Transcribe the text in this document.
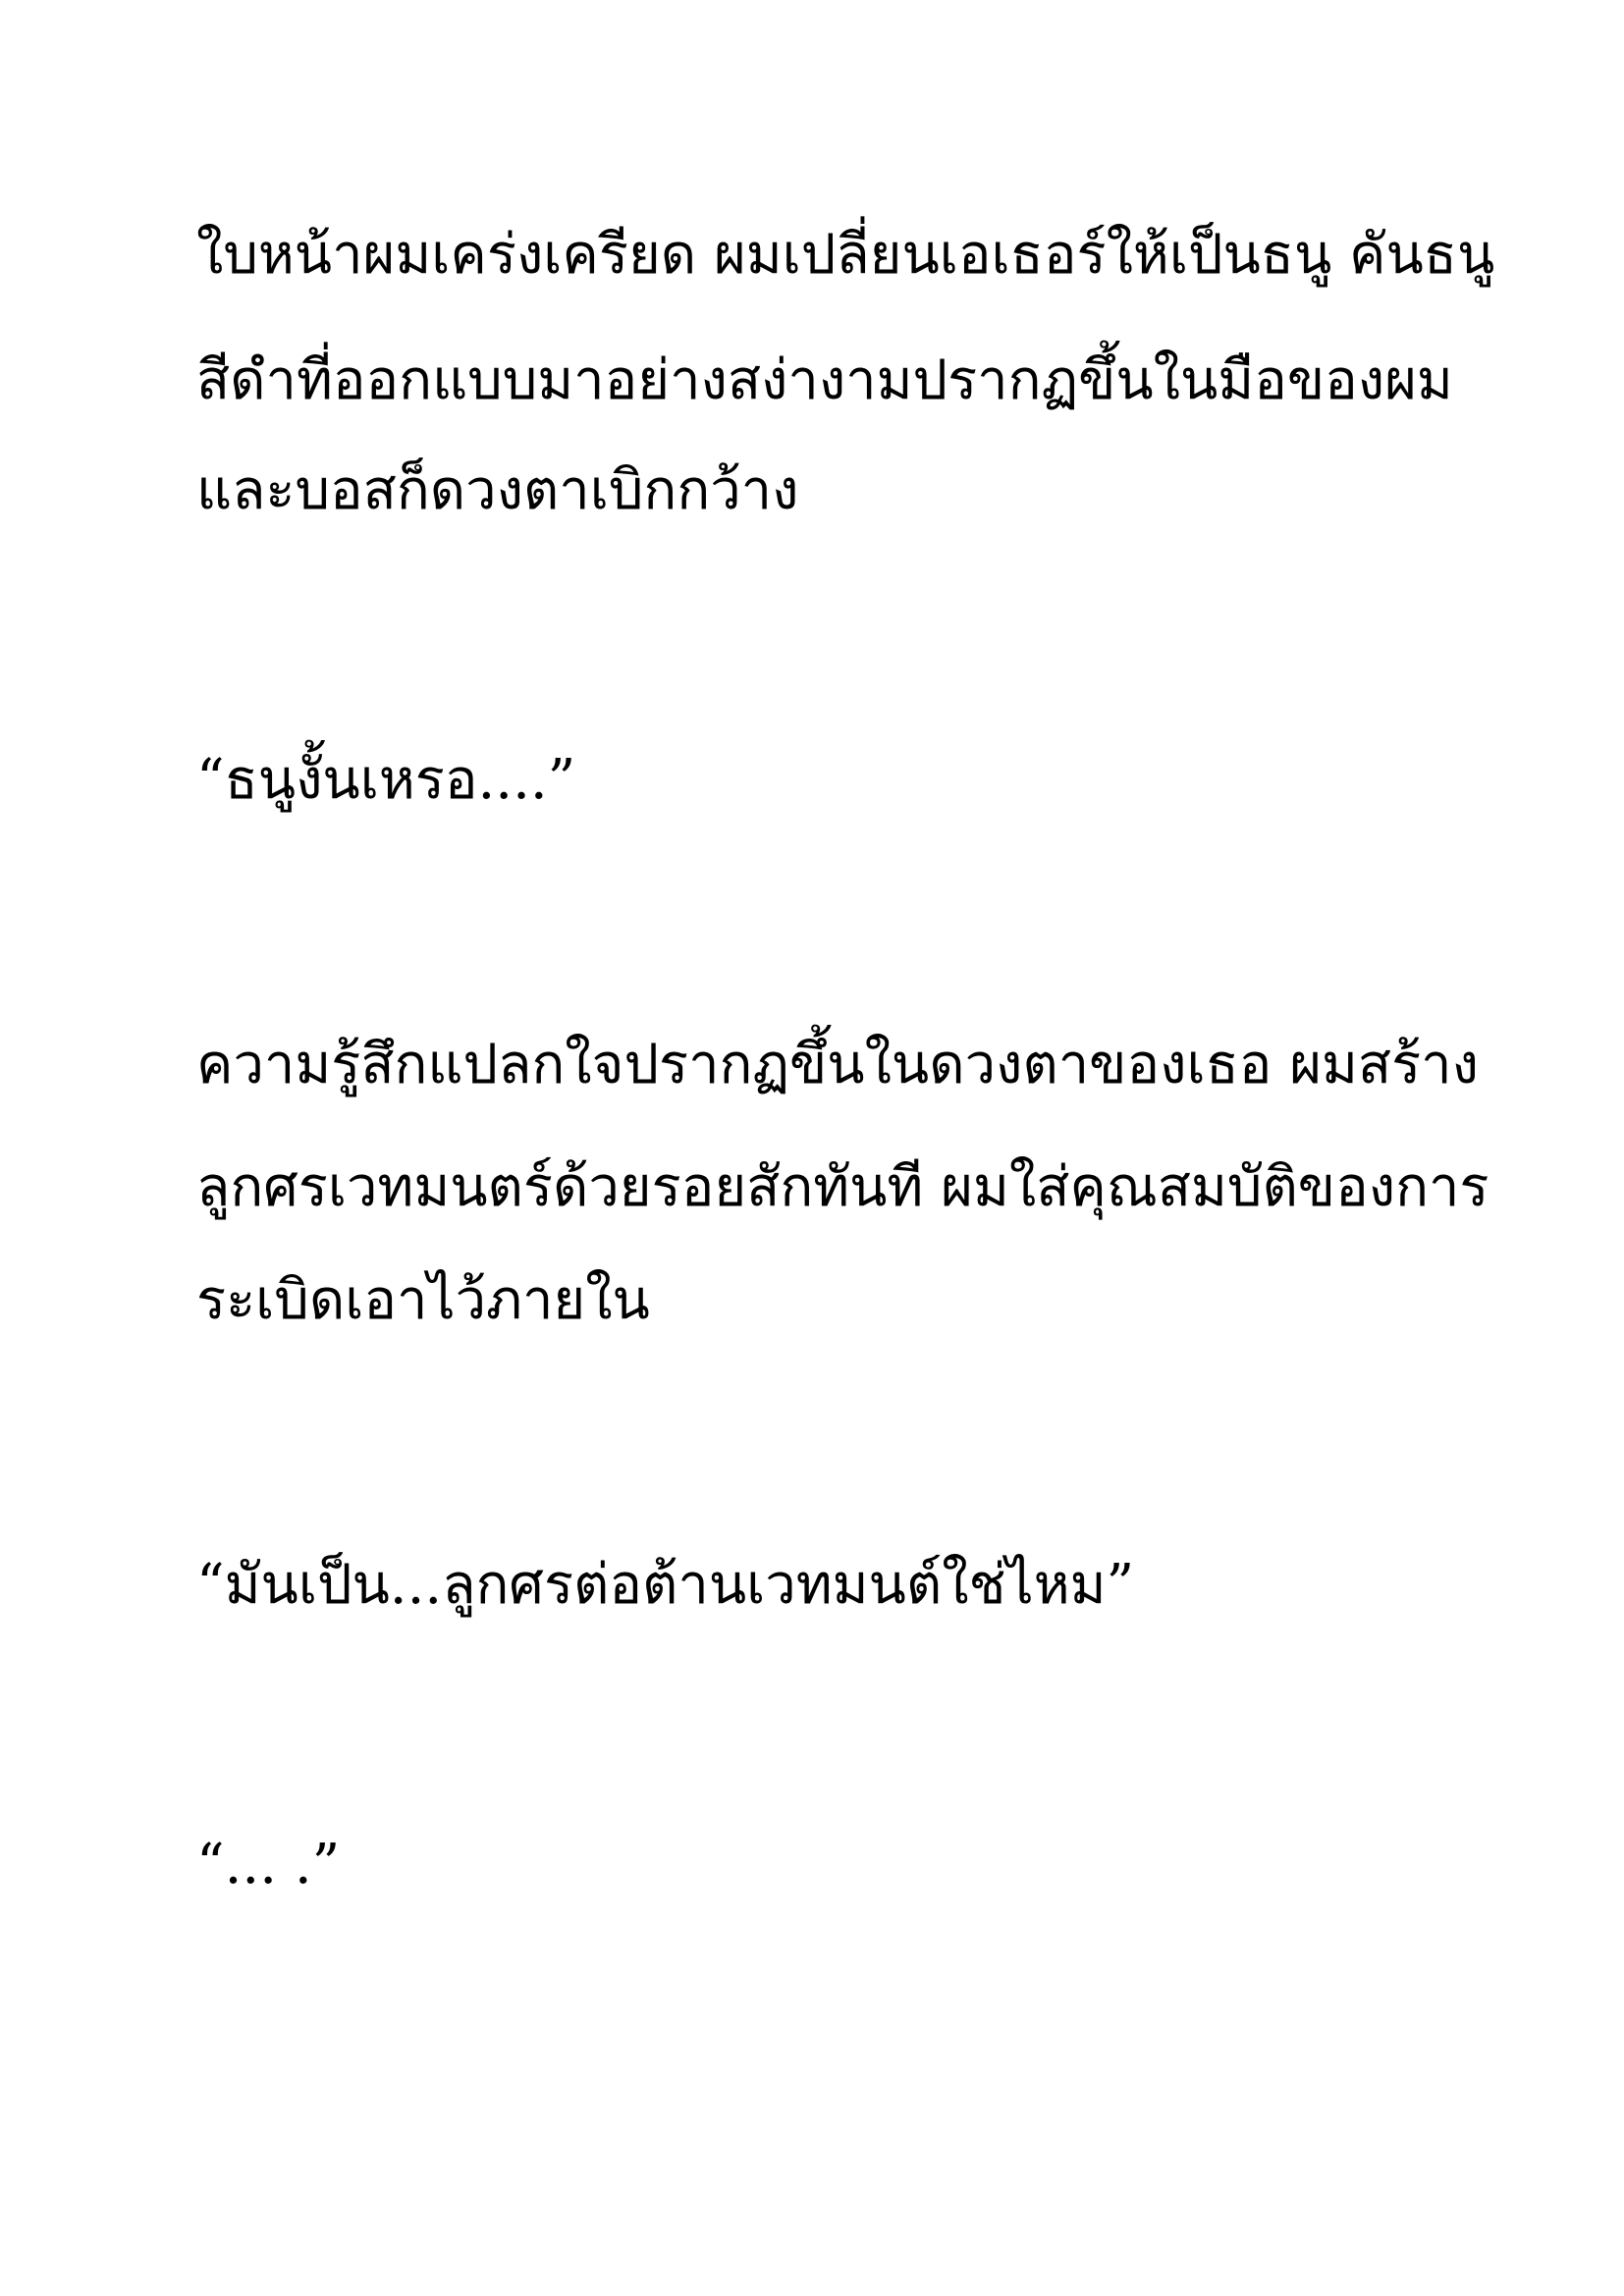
ใบหน้าผมเคร่งเครียด ผมเปลี่ยนเอเธอร์ให้เป็นธนู คันธนู

สีดำที่ออกแบบมาอย่างสง่างามปรากฏขึ้นในมือของผม

และบอสก็ดวงตาเบิกกว้าง

“ธนูงั้นเหรอ....”

ความรู้สึกแปลกใจปรากฏขึ้นในดวงตาของเธอ ผมสร้าง

ลูกศรเวทมนตร์ด้วยรอยสักทันที ผมใส่คุณสมบัติของการ

ระเบิดเอาไว้ภายใน

“มันเป็น...ลูกศรต่อต้านเวทมนต์ใช่ไหม”

“... .”
